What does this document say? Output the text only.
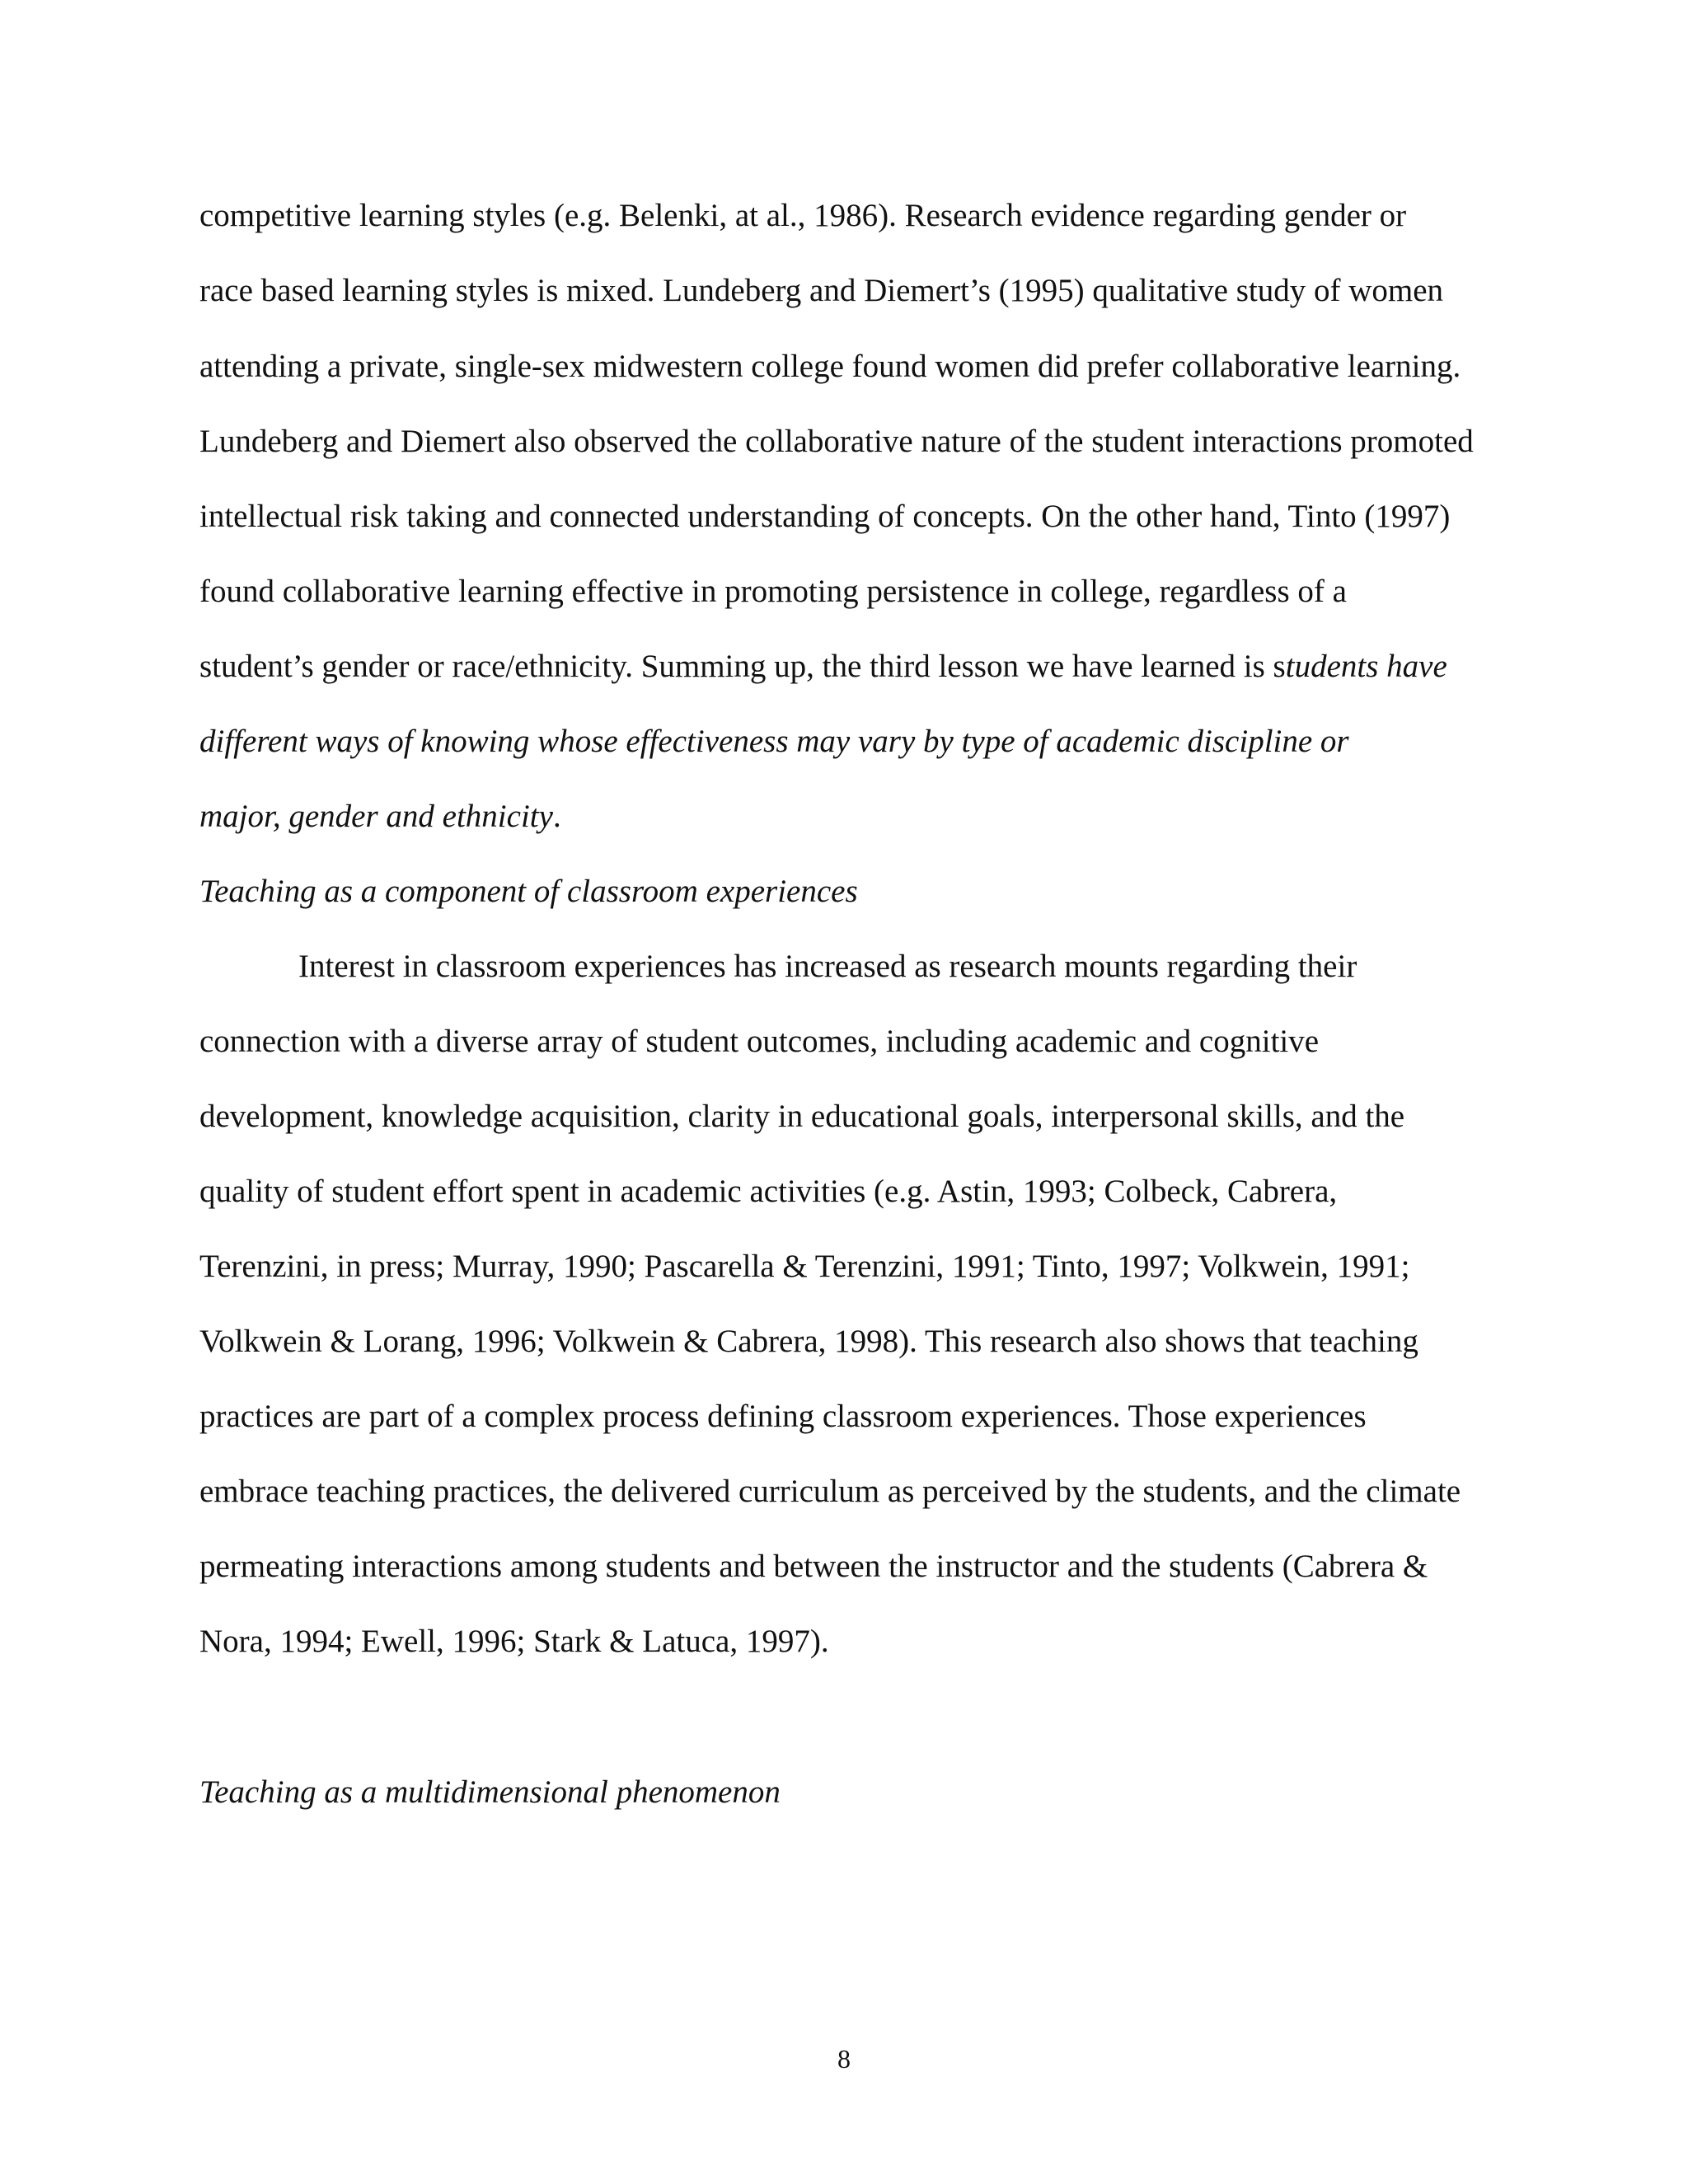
competitive learning styles (e.g. Belenki, at al., 1986). Research evidence regarding gender or
race based learning styles is mixed. Lundeberg and Diemert’s (1995) qualitative study of women
attending a private, single-sex midwestern college found women did prefer collaborative learning.
Lundeberg and Diemert also observed the collaborative nature of the student interactions promoted
intellectual risk taking and connected understanding of concepts. On the other hand, Tinto (1997)
found collaborative learning effective in promoting persistence in college, regardless of a
student’s gender or race/ethnicity. Summing up, the third lesson we have learned is students have
different ways of knowing whose effectiveness may vary by type of academic discipline or
major, gender and ethnicity.
Teaching as a component of classroom experiences
Interest in classroom experiences has increased as research mounts regarding their
connection with a diverse array of student outcomes, including academic and cognitive
development, knowledge acquisition, clarity in educational goals, interpersonal skills, and the
quality of student effort spent in academic activities (e.g. Astin, 1993; Colbeck, Cabrera,
Terenzini, in press; Murray, 1990; Pascarella & Terenzini, 1991; Tinto, 1997; Volkwein, 1991;
Volkwein & Lorang, 1996; Volkwein & Cabrera, 1998). This research also shows that teaching
practices are part of a complex process defining classroom experiences. Those experiences
embrace teaching practices, the delivered curriculum as perceived by the students, and the climate
permeating interactions among students and between the instructor and the students (Cabrera &
Nora, 1994; Ewell, 1996; Stark & Latuca, 1997).
Teaching as a multidimensional phenomenon
8
